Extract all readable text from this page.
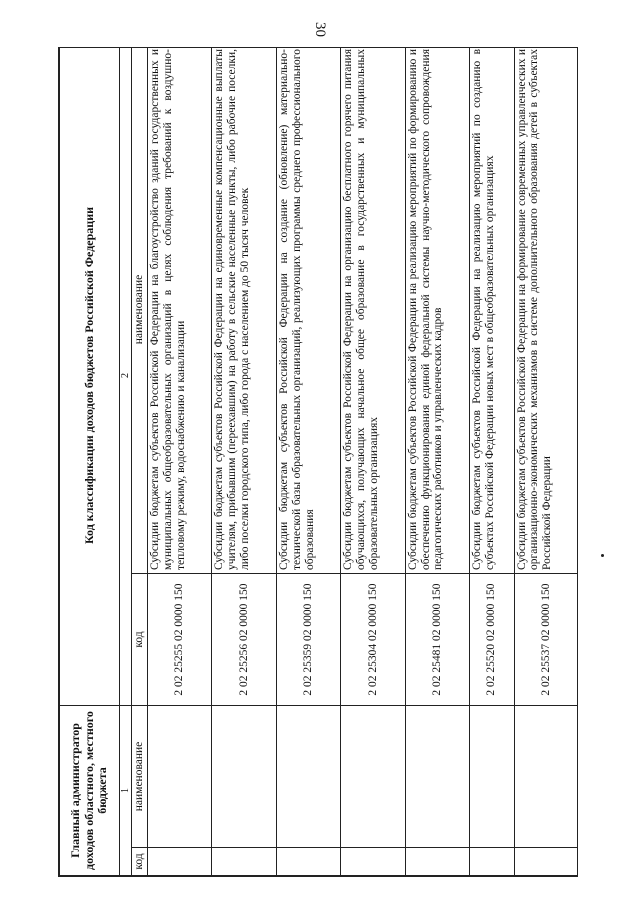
30
Главный администратор доходов областного, местного бюджета		Код классификации доходов бюджетов Российской Федерации	
1		2	
код	наименование	код	наименование
		2 02 25255 02 0000 150	Субсидии бюджетам субъектов Российской Федерации на благоустройство зданий государственных и муниципальных общеобразовательных организаций в целях соблюдения требований к воздушно-тепловому режиму, водоснабжению и канализации
		2 02 25256 02 0000 150	Субсидии бюджетам субъектов Российской Федерации на единовременные компенсационные выплаты учителям, прибывшим (переехавшим) на работу в сельские населенные пункты, либо рабочие поселки, либо поселки городского типа, либо города с населением до 50 тысяч человек
		2 02 25359 02 0000 150	Субсидии бюджетам субъектов Российской Федерации на создание (обновление) материально-технической базы образовательных организаций, реализующих программы среднего профессионального образования
		2 02 25304 02 0000 150	Субсидии бюджетам субъектов Российской Федерации на организацию бесплатного горячего питания обучающихся, получающих начальное общее образование в государственных и муниципальных образовательных организациях
		2 02 25481 02 0000 150	Субсидии бюджетам субъектов Российской Федерации на реализацию мероприятий по формированию и обеспечению функционирования единой федеральной системы научно-методического сопровождения педагогических работников и управленческих кадров
		2 02 25520 02 0000 150	Субсидии бюджетам субъектов Российской Федерации на реализацию мероприятий по созданию в субъектах Российской Федерации новых мест в общеобразовательных организациях
		2 02 25537 02 0000 150	Субсидии бюджетам субъектов Российской Федерации на формирование современных управленческих и организационно-экономических механизмов в системе дополнительного образования детей в субъектах Российской Федерации
